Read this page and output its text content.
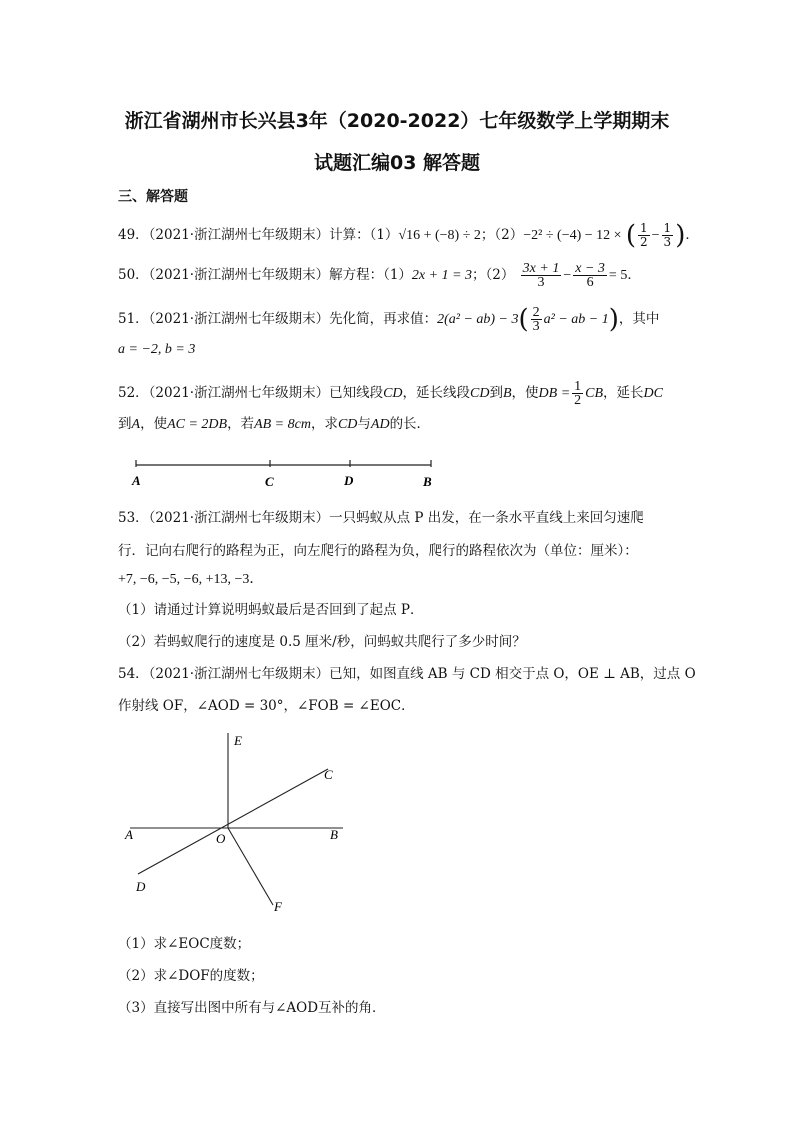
浙江省湖州市长兴县3年（2020-2022）七年级数学上学期期末
试题汇编03 解答题
三、解答题
49．（2021·浙江湖州七年级期末）计算：（1）√16 + (−8) ÷ 2；（2）−2² ÷ (−4) − 12 × ( $\frac{1}{2} - \frac{1}{3}$ )．
50．（2021·浙江湖州七年级期末）解方程：（1）2x + 1 = 3；$(2) \frac{3x + 1}{3} - \frac{x - 3}{6} = 5$．
51．（2021·浙江湖州七年级期末）先化简，再求值：$2(a^2 - ab) - 3( \frac{2}{3} a^2$ − ab − 1)，其中
a = −2, b = 3
52．（2021·浙江湖州七年级期末）已知线段CD，延长线段CD到B，使DB = $\frac{1}{2}$ CB，延长DC
到A，使AC = 2DB，若AB = 8cm，求CD与AD的长．
A	C	D	B
53．（2021·浙江湖州七年级期末）一只蚂蚁从点 P 出发，在一条水平直线上来回匀速爬
行．记向右爬行的路程为正，向左爬行的路程为负，爬行的路程依次为（单位：厘米）：
+7, −6, −5, −6, +13, −3．
（1）请通过计算说明蚂蚁最后是否回到了起点 P．
（2）若蚂蚁爬行的速度是 0.5 厘米/秒，问蚂蚁共爬行了多少时间？
54．（2021·浙江湖州七年级期末）已知，如图直线 AB 与 CD 相交于点 O，OE ⊥ AB，过点 O
作射线 OF，∠AOD = 30°，∠FOB = ∠EOC．
E
C
A	O	B
D
F
（1）求∠EOC度数；
（2）求∠DOF的度数；
（3）直接写出图中所有与∠AOD互补的角．
